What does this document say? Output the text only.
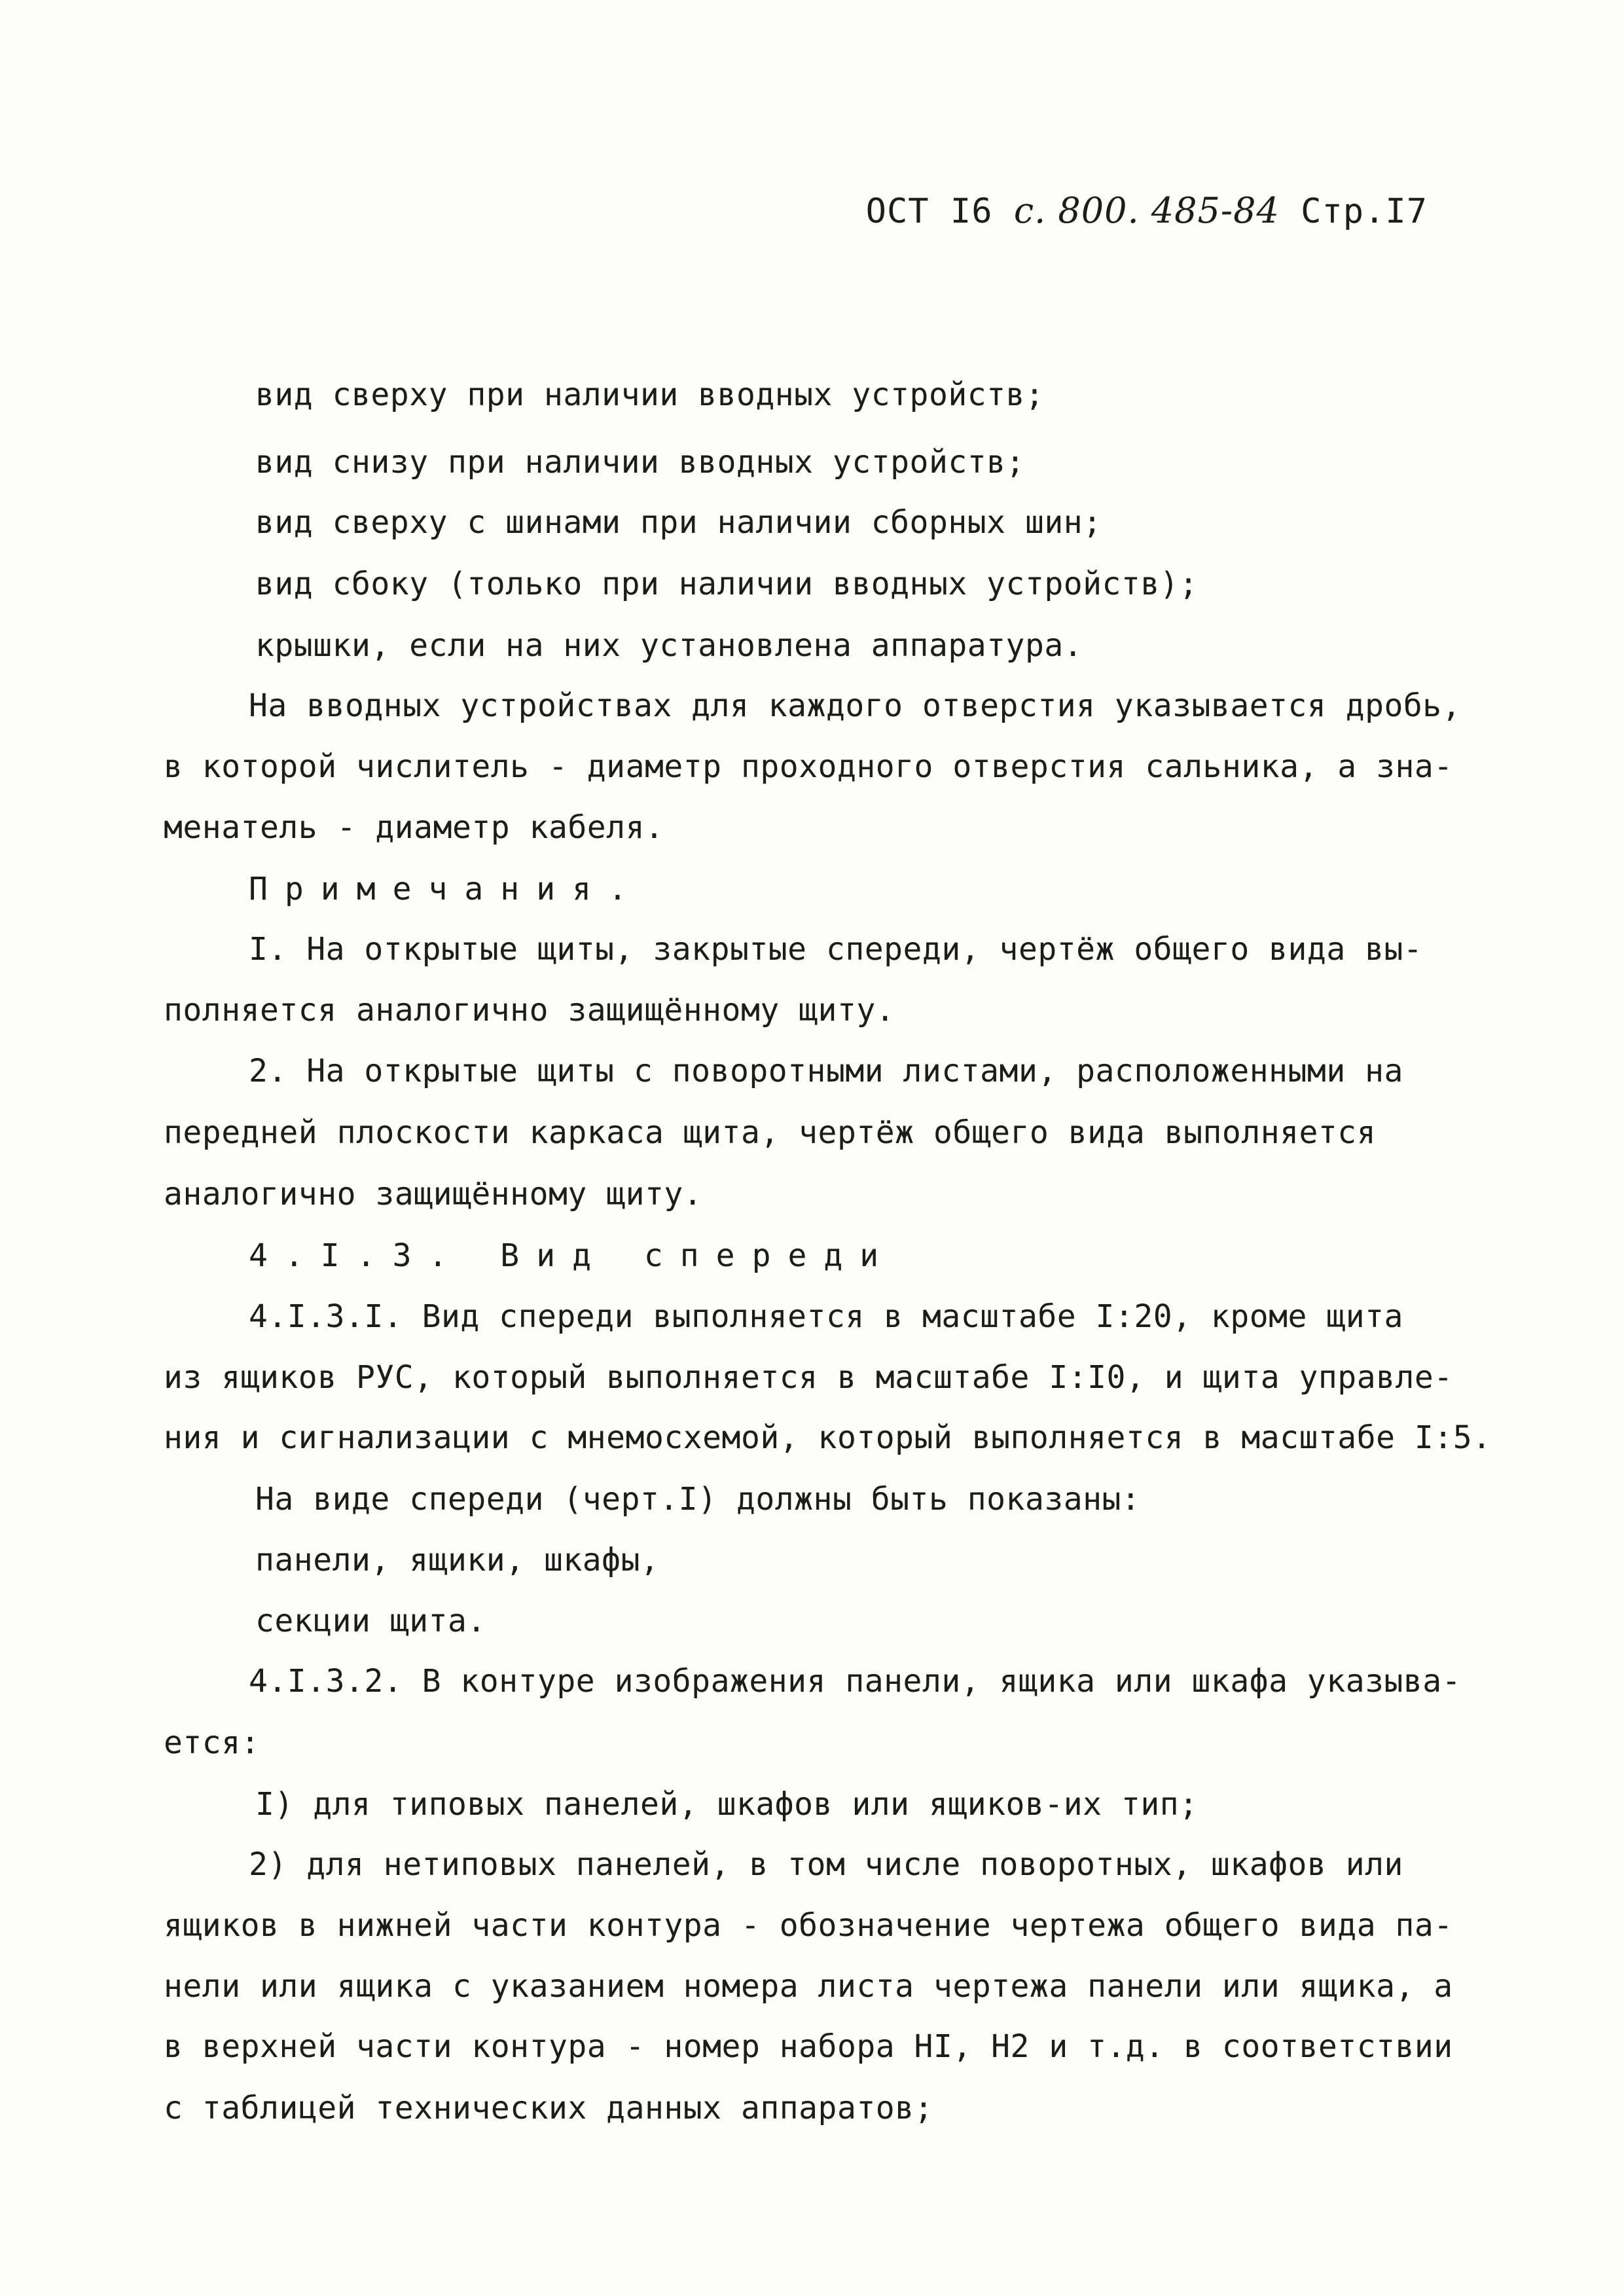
ОСТ I6 с. 800. 485-84 Стр.I7
вид сверху при наличии вводных устройств;
вид снизу при наличии вводных устройств;
вид сверху с шинами при наличии сборных шин;
вид сбоку (только при наличии вводных устройств);
крышки, если на них установлена аппаратура.
На вводных устройствах для каждого отверстия указывается дробь,
в которой числитель - диаметр проходного отверстия сальника, а зна-
менатель - диаметр кабеля.
Примечания.
I. На открытые щиты, закрытые спереди, чертёж общего вида вы-
полняется аналогично защищённому щиту.
2. На открытые щиты с поворотными листами, расположенными на
передней плоскости каркаса щита, чертёж общего вида выполняется
аналогично защищённому щиту.
4.I.3. Вид спереди
4.I.3.I. Вид спереди выполняется в масштабе I:20, кроме щита
из ящиков РУС, который выполняется в масштабе I:I0, и щита управле-
ния и сигнализации с мнемосхемой, который выполняется в масштабе I:5.
На виде спереди (черт.I) должны быть показаны:
панели, ящики, шкафы,
секции щита.
4.I.3.2. В контуре изображения панели, ящика или шкафа указыва-
ется:
I) для типовых панелей, шкафов или ящиков-их тип;
2) для нетиповых панелей, в том числе поворотных, шкафов или
ящиков в нижней части контура - обозначение чертежа общего вида па-
нели или ящика с указанием номера листа чертежа панели или ящика, а
в верхней части контура - номер набора НI, Н2 и т.д. в соответствии
с таблицей технических данных аппаратов;
